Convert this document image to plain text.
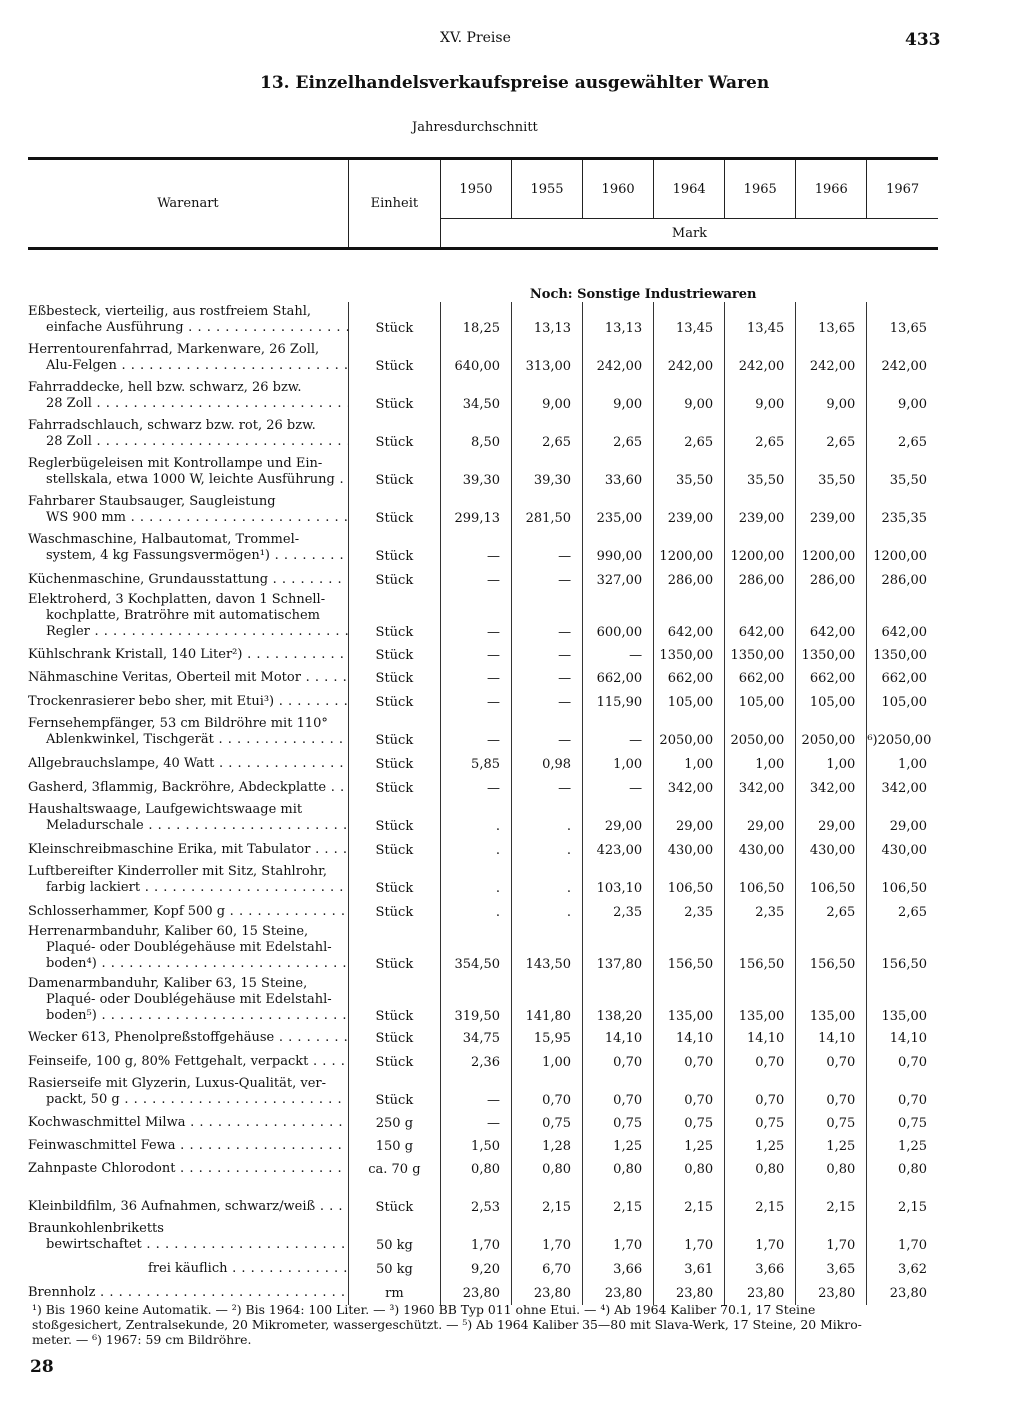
XV. Preise	433
13. Einzelhandelsverkaufspreise ausgewählter Waren
Jahresdurchschnitt
Warenart	Einheit	1950	1955	1960	1964	1965	1966	1967
		Mark						
	Noch: Sonstige Industriewaren							

Eßbesteck, vierteilig, aus rostfreiem Stahl,
einfache Ausführung . . .	Stück	18,25	13,13	13,13	13,45	13,45	13,65	13,65

Herrentourenfahrrad, Markenware, 26 Zoll,
Alu-Felgen . . .	Stück	640,00	313,00	242,00	242,00	242,00	242,00	242,00

Fahrraddecke, hell bzw. schwarz, 26 bzw.
28 Zoll . . .	Stück	34,50	9,00	9,00	9,00	9,00	9,00	9,00

Fahrradschlauch, schwarz bzw. rot, 26 bzw.
28 Zoll . . .	Stück	8,50	2,65	2,65	2,65	2,65	2,65	2,65

Reglerbügeleisen mit Kontrollampe und Ein-
stellskala, etwa 1000 W, leichte Ausführung . . .	Stück	39,30	39,30	33,60	35,50	35,50	35,50	35,50

Fahrbarer Staubsauger, Saugleistung
WS 900 mm . . .	Stück	299,13	281,50	235,00	239,00	239,00	239,00	235,35

Waschmaschine, Halbautomat, Trommel-
system, 4 kg Fassungsvermögen¹) . . .	Stück	—	—	990,00	1200,00	1200,00	1200,00	1200,00

Küchenmaschine, Grundausstattung . . .	Stück	—	—	327,00	286,00	286,00	286,00	286,00

Elektroherd, 3 Kochplatten, davon 1 Schnell-
kochplatte, Bratröhre mit automatischem
Regler . . .	Stück	—	—	600,00	642,00	642,00	642,00	642,00

Kühlschrank Kristall, 140 Liter²) . . .	Stück	—	—	—	1350,00	1350,00	1350,00	1350,00

Nähmaschine Veritas, Oberteil mit Motor . . .	Stück	—	—	662,00	662,00	662,00	662,00	662,00

Trockenrasierer bebo sher, mit Etui³) . . .	Stück	—	—	115,90	105,00	105,00	105,00	105,00

Fernsehempfänger, 53 cm Bildröhre mit 110°
Ablenkwinkel, Tischgerät . . .	Stück	—	—	—	2050,00	2050,00	2050,00	⁶)2050,00

Allgebrauchslampe, 40 Watt . . .	Stück	5,85	0,98	1,00	1,00	1,00	1,00	1,00

Gasherd, 3flammig, Backröhre, Abdeckplatte . . .	Stück	—	—	—	342,00	342,00	342,00	342,00

Haushaltswaage, Laufgewichtswaage mit
Meladurschale . . .	Stück	.	.	29,00	29,00	29,00	29,00	29,00

Kleinschreibmaschine Erika, mit Tabulator . . .	Stück	.	.	423,00	430,00	430,00	430,00	430,00

Luftbereifter Kinderroller mit Sitz, Stahlrohr,
farbig lackiert . . .	Stück	.	.	103,10	106,50	106,50	106,50	106,50

Schlosserhammer, Kopf 500 g . . .	Stück	.	.	2,35	2,35	2,35	2,65	2,65

Herrenarmbanduhr, Kaliber 60, 15 Steine,
Plaqué- oder Doublégehäuse mit Edelstahl-
boden⁴) . . .	Stück	354,50	143,50	137,80	156,50	156,50	156,50	156,50

Damenarmbanduhr, Kaliber 63, 15 Steine,
Plaqué- oder Doublégehäuse mit Edelstahl-
boden⁵) . . .	Stück	319,50	141,80	138,20	135,00	135,00	135,00	135,00

Wecker 613, Phenolpreßstoffgehäuse . . .	Stück	34,75	15,95	14,10	14,10	14,10	14,10	14,10

Feinseife, 100 g, 80% Fettgehalt, verpackt . . .	Stück	2,36	1,00	0,70	0,70	0,70	0,70	0,70

Rasierseife mit Glyzerin, Luxus-Qualität, ver-
packt, 50 g . . .	Stück	—	0,70	0,70	0,70	0,70	0,70	0,70

Kochwaschmittel Milwa . . .	250 g	—	0,75	0,75	0,75	0,75	0,75	0,75

Feinwaschmittel Fewa . . .	150 g	1,50	1,28	1,25	1,25	1,25	1,25	1,25

Zahnpaste Chlorodont . . .	ca. 70 g	0,80	0,80	0,80	0,80	0,80	0,80	0,80

Kleinbildfilm, 36 Aufnahmen, schwarz/weiß . . .	Stück	2,53	2,15	2,15	2,15	2,15	2,15	2,15

Braunkohlenbriketts
bewirtschaftet . . .	50 kg	1,70	1,70	1,70	1,70	1,70	1,70	1,70

frei käuflich . . .	50 kg	9,20	6,70	3,66	3,61	3,66	3,65	3,62

Brennholz . . .	rm	23,80	23,80	23,80	23,80	23,80	23,80	23,80

¹) Bis 1960 keine Automatik. — ²) Bis 1964: 100 Liter. — ³) 1960 BB Typ 011 ohne Etui. — ⁴) Ab 1964 Kaliber 70.1, 17 Steine

stoßgesichert, Zentralsekunde, 20 Mikrometer, wassergeschützt. — ⁵) Ab 1964 Kaliber 35—80 mit Slava-Werk, 17 Steine, 20 Mikro-

meter. — ⁶) 1967: 59 cm Bildröhre.

28
